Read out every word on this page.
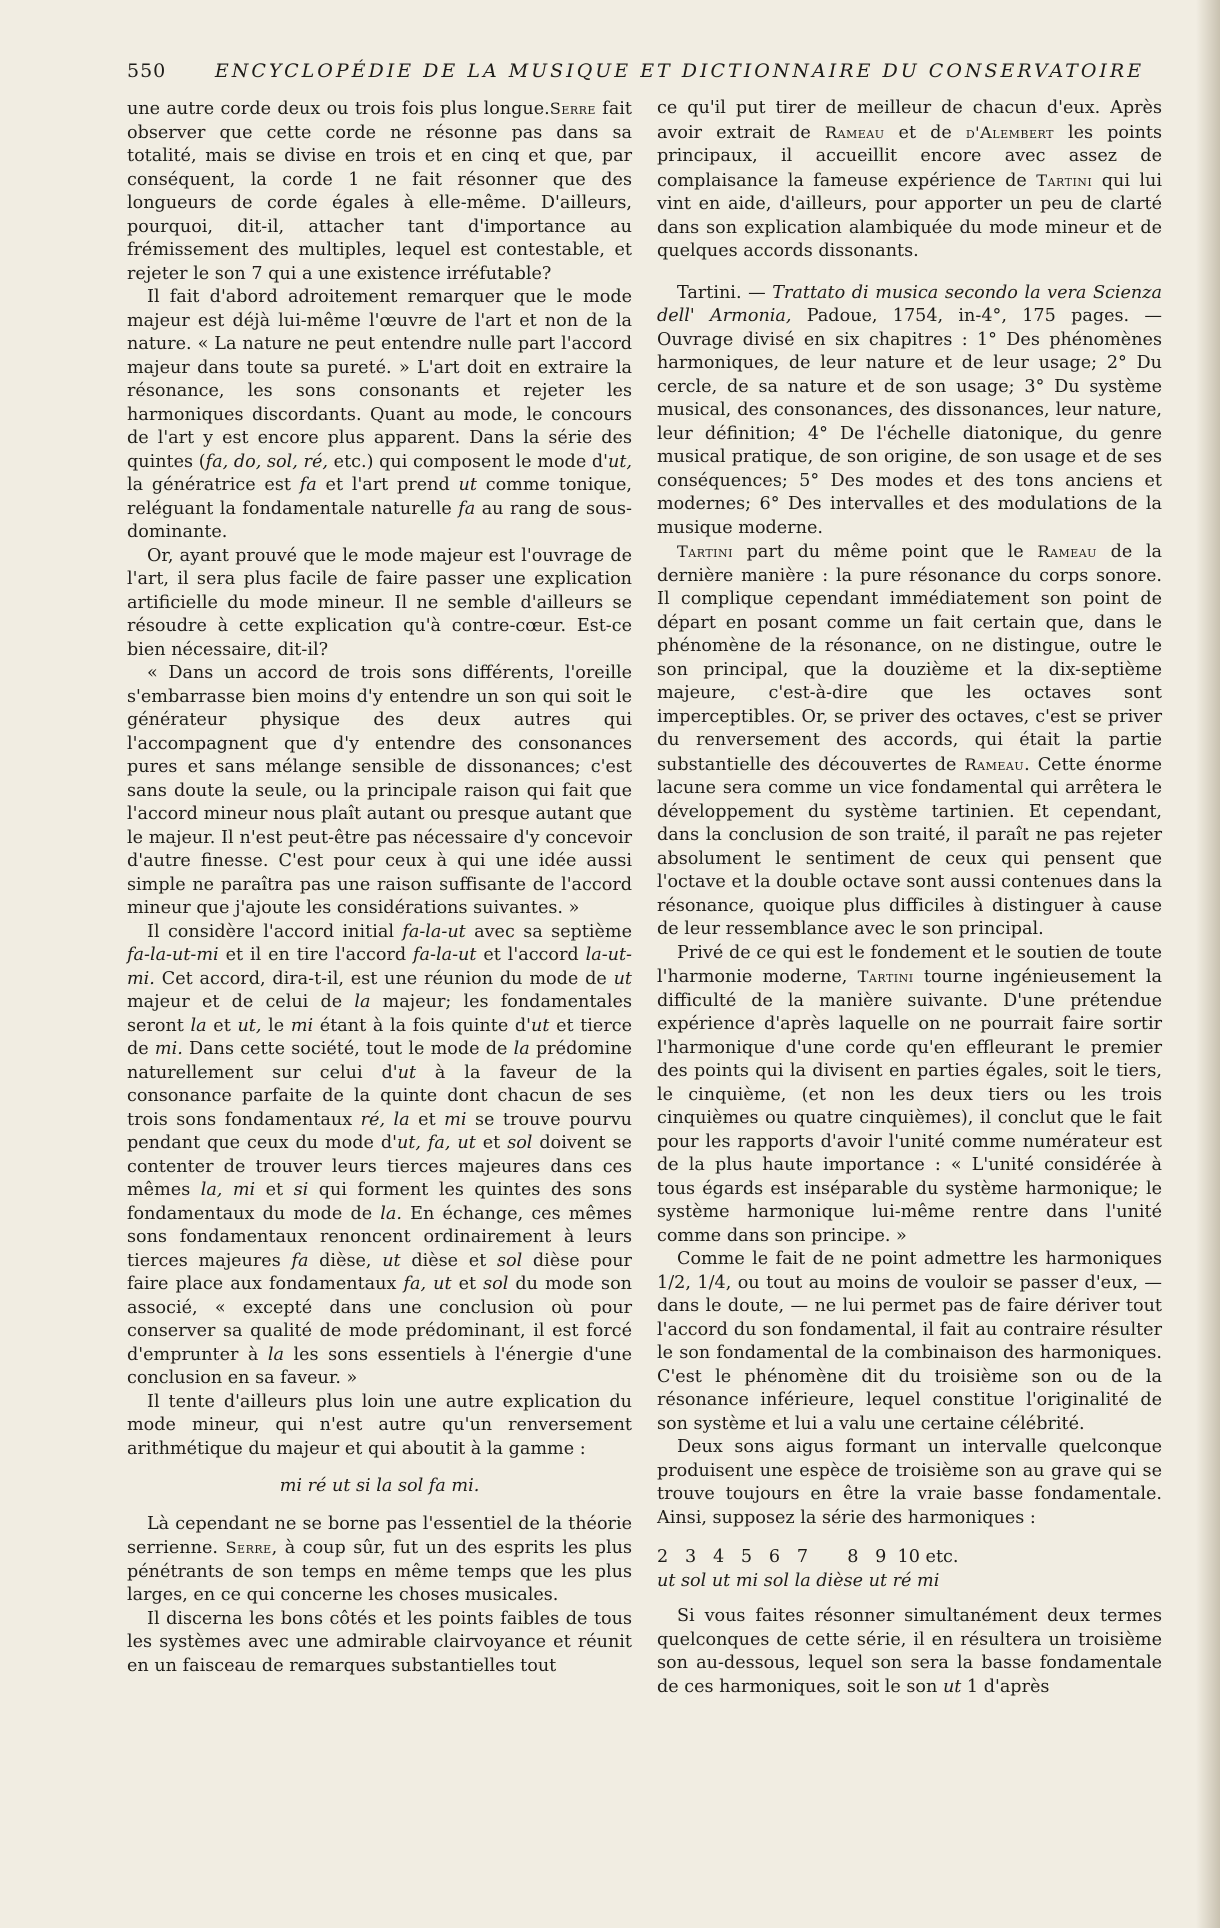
550	ENCYCLOPÉDIE DE LA MUSIQUE ET DICTIONNAIRE DU CONSERVATOIRE

une autre corde deux ou trois fois plus longue.Serre fait observer que cette corde ne résonne pas dans sa totalité, mais se divise en trois et en cinq et que, par conséquent, la corde 1 ne fait résonner que des longueurs de corde égales à elle-même. D'ailleurs, pourquoi, dit-il, attacher tant d'importance au frémissement des multiples, lequel est contestable, et rejeter le son 7 qui a une existence irréfutable?

Il fait d'abord adroitement remarquer que le mode majeur est déjà lui-même l'œuvre de l'art et non de la nature. « La nature ne peut entendre nulle part l'accord majeur dans toute sa pureté. » L'art doit en extraire la résonance, les sons consonants et rejeter les harmoniques discordants. Quant au mode, le concours de l'art y est encore plus apparent. Dans la série des quintes (fa, do, sol, ré, etc.) qui composent le mode d'ut, la génératrice est fa et l'art prend ut comme tonique, reléguant la fondamentale naturelle fa au rang de sous-dominante.

Or, ayant prouvé que le mode majeur est l'ouvrage de l'art, il sera plus facile de faire passer une explication artificielle du mode mineur. Il ne semble d'ailleurs se résoudre à cette explication qu'à contre-cœur. Est-ce bien nécessaire, dit-il?

« Dans un accord de trois sons différents, l'oreille s'embarrasse bien moins d'y entendre un son qui soit le générateur physique des deux autres qui l'accompagnent que d'y entendre des consonances pures et sans mélange sensible de dissonances; c'est sans doute la seule, ou la principale raison qui fait que l'accord mineur nous plaît autant ou presque autant que le majeur. Il n'est peut-être pas nécessaire d'y concevoir d'autre finesse. C'est pour ceux à qui une idée aussi simple ne paraîtra pas une raison suffisante de l'accord mineur que j'ajoute les considérations suivantes. »

Il considère l'accord initial fa-la-ut avec sa septième fa-la-ut-mi et il en tire l'accord fa-la-ut et l'accord la-ut-mi. Cet accord, dira-t-il, est une réunion du mode de ut majeur et de celui de la majeur; les fondamentales seront la et ut, le mi étant à la fois quinte d'ut et tierce de mi. Dans cette société, tout le mode de la prédomine naturellement sur celui d'ut à la faveur de la consonance parfaite de la quinte dont chacun de ses trois sons fondamentaux ré, la et mi se trouve pourvu pendant que ceux du mode d'ut, fa, ut et sol doivent se contenter de trouver leurs tierces majeures dans ces mêmes la, mi et si qui forment les quintes des sons fondamentaux du mode de la. En échange, ces mêmes sons fondamentaux renoncent ordinairement à leurs tierces majeures fa dièse, ut dièse et sol dièse pour faire place aux fondamentaux fa, ut et sol du mode son associé, « excepté dans une conclusion où pour conserver sa qualité de mode prédominant, il est forcé d'emprunter à la les sons essentiels à l'énergie d'une conclusion en sa faveur. »

Il tente d'ailleurs plus loin une autre explication du mode mineur, qui n'est autre qu'un renversement arithmétique du majeur et qui aboutit à la gamme :

mi ré ut si la sol fa mi.

Là cependant ne se borne pas l'essentiel de la théorie serrienne. Serre, à coup sûr, fut un des esprits les plus pénétrants de son temps en même temps que les plus larges, en ce qui concerne les choses musicales.

Il discerna les bons côtés et les points faibles de tous les systèmes avec une admirable clairvoyance et réunit en un faisceau de remarques substantielles tout

ce qu'il put tirer de meilleur de chacun d'eux. Après avoir extrait de Rameau et de d'Alembert les points principaux, il accueillit encore avec assez de complaisance la fameuse expérience de Tartini qui lui vint en aide, d'ailleurs, pour apporter un peu de clarté dans son explication alambiquée du mode mineur et de quelques accords dissonants.

Tartini. — Trattato di musica secondo la vera Scienza dell' Armonia, Padoue, 1754, in-4°, 175 pages. — Ouvrage divisé en six chapitres : 1° Des phénomènes harmoniques, de leur nature et de leur usage; 2° Du cercle, de sa nature et de son usage; 3° Du système musical, des consonances, des dissonances, leur nature, leur définition; 4° De l'échelle diatonique, du genre musical pratique, de son origine, de son usage et de ses conséquences; 5° Des modes et des tons anciens et modernes; 6° Des intervalles et des modulations de la musique moderne.

Tartini part du même point que le Rameau de la dernière manière : la pure résonance du corps sonore. Il complique cependant immédiatement son point de départ en posant comme un fait certain que, dans le phénomène de la résonance, on ne distingue, outre le son principal, que la douzième et la dix-septième majeure, c'est-à-dire que les octaves sont imperceptibles. Or, se priver des octaves, c'est se priver du renversement des accords, qui était la partie substantielle des découvertes de Rameau. Cette énorme lacune sera comme un vice fondamental qui arrêtera le développement du système tartinien. Et cependant, dans la conclusion de son traité, il paraît ne pas rejeter absolument le sentiment de ceux qui pensent que l'octave et la double octave sont aussi contenues dans la résonance, quoique plus difficiles à distinguer à cause de leur ressemblance avec le son principal.

Privé de ce qui est le fondement et le soutien de toute l'harmonie moderne, Tartini tourne ingénieusement la difficulté de la manière suivante. D'une prétendue expérience d'après laquelle on ne pourrait faire sortir l'harmonique d'une corde qu'en effleurant le premier des points qui la divisent en parties égales, soit le tiers, le cinquième, (et non les deux tiers ou les trois cinquièmes ou quatre cinquièmes), il conclut que le fait pour les rapports d'avoir l'unité comme numérateur est de la plus haute importance : « L'unité considérée à tous égards est inséparable du système harmonique; le système harmonique lui-même rentre dans l'unité comme dans son principe. »

Comme le fait de ne point admettre les harmoniques 1/2, 1/4, ou tout au moins de vouloir se passer d'eux, — dans le doute, — ne lui permet pas de faire dériver tout l'accord du son fondamental, il fait au contraire résulter le son fondamental de la combinaison des harmoniques. C'est le phénomène dit du troisième son ou de la résonance inférieure, lequel constitue l'originalité de son système et lui a valu une certaine célébrité.

Deux sons aigus formant un intervalle quelconque produisent une espèce de troisième son au grave qui se trouve toujours en être la vraie basse fondamentale. Ainsi, supposez la série des harmoniques :

2   3   4   5   6   7       8   9  10 etc.
ut sol ut mi sol la dièse ut ré mi

Si vous faites résonner simultanément deux termes quelconques de cette série, il en résultera un troisième son au-dessous, lequel son sera la basse fondamentale de ces harmoniques, soit le son ut 1 d'après
